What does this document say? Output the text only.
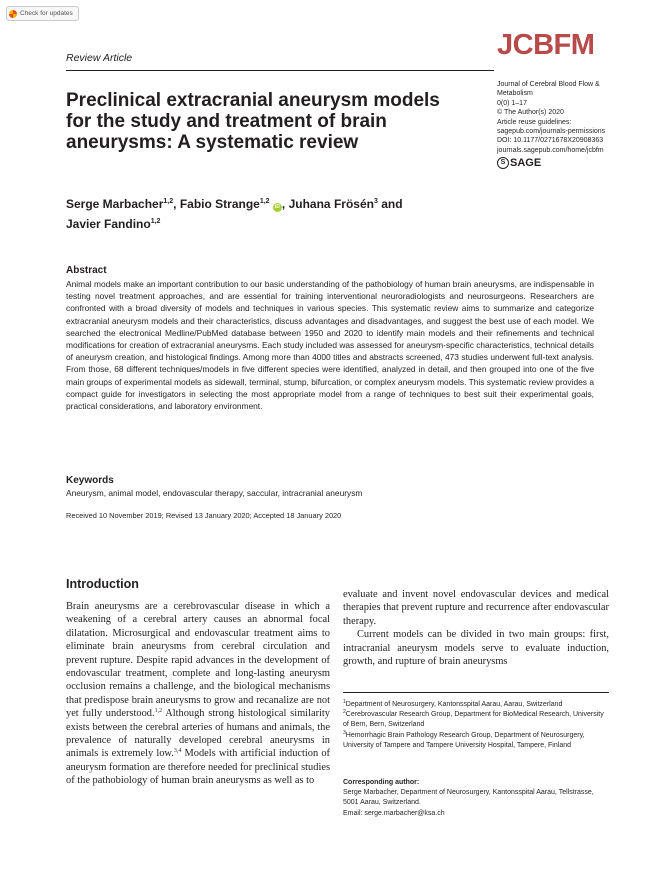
Check for updates
Review Article	JCBFM
Preclinical extracranial aneurysm models for the study and treatment of brain aneurysms: A systematic review
Journal of Cerebral Blood Flow &
Metabolism
0(0) 1–17
© The Author(s) 2020
Article reuse guidelines:
sagepub.com/journals-permissions
DOI: 10.1177/0271678X20908363
journals.sagepub.com/home/jcbfm
S SAGE
Serge Marbacher$^{1,2}$, Fabio Strange$^{1,2}$ iD , Juhana Frösén$^3$ and
Javier Fandino$^{1,2}$
Abstract

Animal models make an important contribution to our basic understanding of the pathobiology of human brain aneurysms, are indispensable in testing novel treatment approaches, and are essential for training interventional neuroradiologists and neurosurgeons. Researchers are confronted with a broad diversity of models and techniques in various species. This systematic review aims to summarize and categorize extracranial aneurysm models and their characteristics, discuss advantages and disadvantages, and suggest the best use of each model. We searched the electronical Medline/PubMed database between 1950 and 2020 to identify main models and their refinements and technical modifications for creation of extracranial aneurysms. Each study included was assessed for aneurysm-specific characteristics, technical details of aneurysm creation, and histological findings. Among more than 4000 titles and abstracts screened, 473 studies underwent full-text analysis. From those, 68 different techniques/models in five different species were identified, analyzed in detail, and then grouped into one of the five main groups of experimental models as sidewall, terminal, stump, bifurcation, or complex aneurysm models. This systematic review provides a compact guide for investigators in selecting the most appropriate model from a range of techniques to best suit their experimental goals, practical considerations, and laboratory environment.

Keywords
Aneurysm, animal model, endovascular therapy, saccular, intracranial aneurysm
Received 10 November 2019; Revised 13 January 2020; Accepted 18 January 2020
Introduction

Brain aneurysms are a cerebrovascular disease in which a weakening of a cerebral artery causes an abnormal focal dilatation. Microsurgical and endovascular treatment aims to eliminate brain aneurysms from cerebral circulation and prevent rupture. Despite rapid advances in the development of endovascular treatment, complete and long-lasting aneurysm occlusion remains a challenge, and the biological mechanisms that predispose brain aneurysms to grow and recanalize are not yet fully understood.$^{1,2}$ Although strong histological similarity exists between the cerebral arteries of humans and animals, the prevalence of naturally developed cerebral aneurysms in animals is extremely low.$^{3,4}$ Models with artificial induction of aneurysm formation are therefore needed for preclinical studies of the pathobiology of human brain aneurysms as well as to

evaluate and invent novel endovascular devices and medical therapies that prevent rupture and recurrence after endovascular therapy.

Current models can be divided in two main groups: first, intracranial aneurysm models serve to evaluate induction, growth, and rupture of brain aneurysms

$^1$Department of Neurosurgery, Kantonsspital Aarau, Aarau, Switzerland
$^2$Cerebrovascular Research Group, Department for BioMedical Research, University of Bern, Bern, Switzerland
$^3$Hemorrhagic Brain Pathology Research Group, Department of Neurosurgery, University of Tampere and Tampere University Hospital, Tampere, Finland
Corresponding author:
Serge Marbacher, Department of Neurosurgery, Kantonsspital Aarau, Tellstrasse, 5001 Aarau, Switzerland.
Email: serge.marbacher@ksa.ch
